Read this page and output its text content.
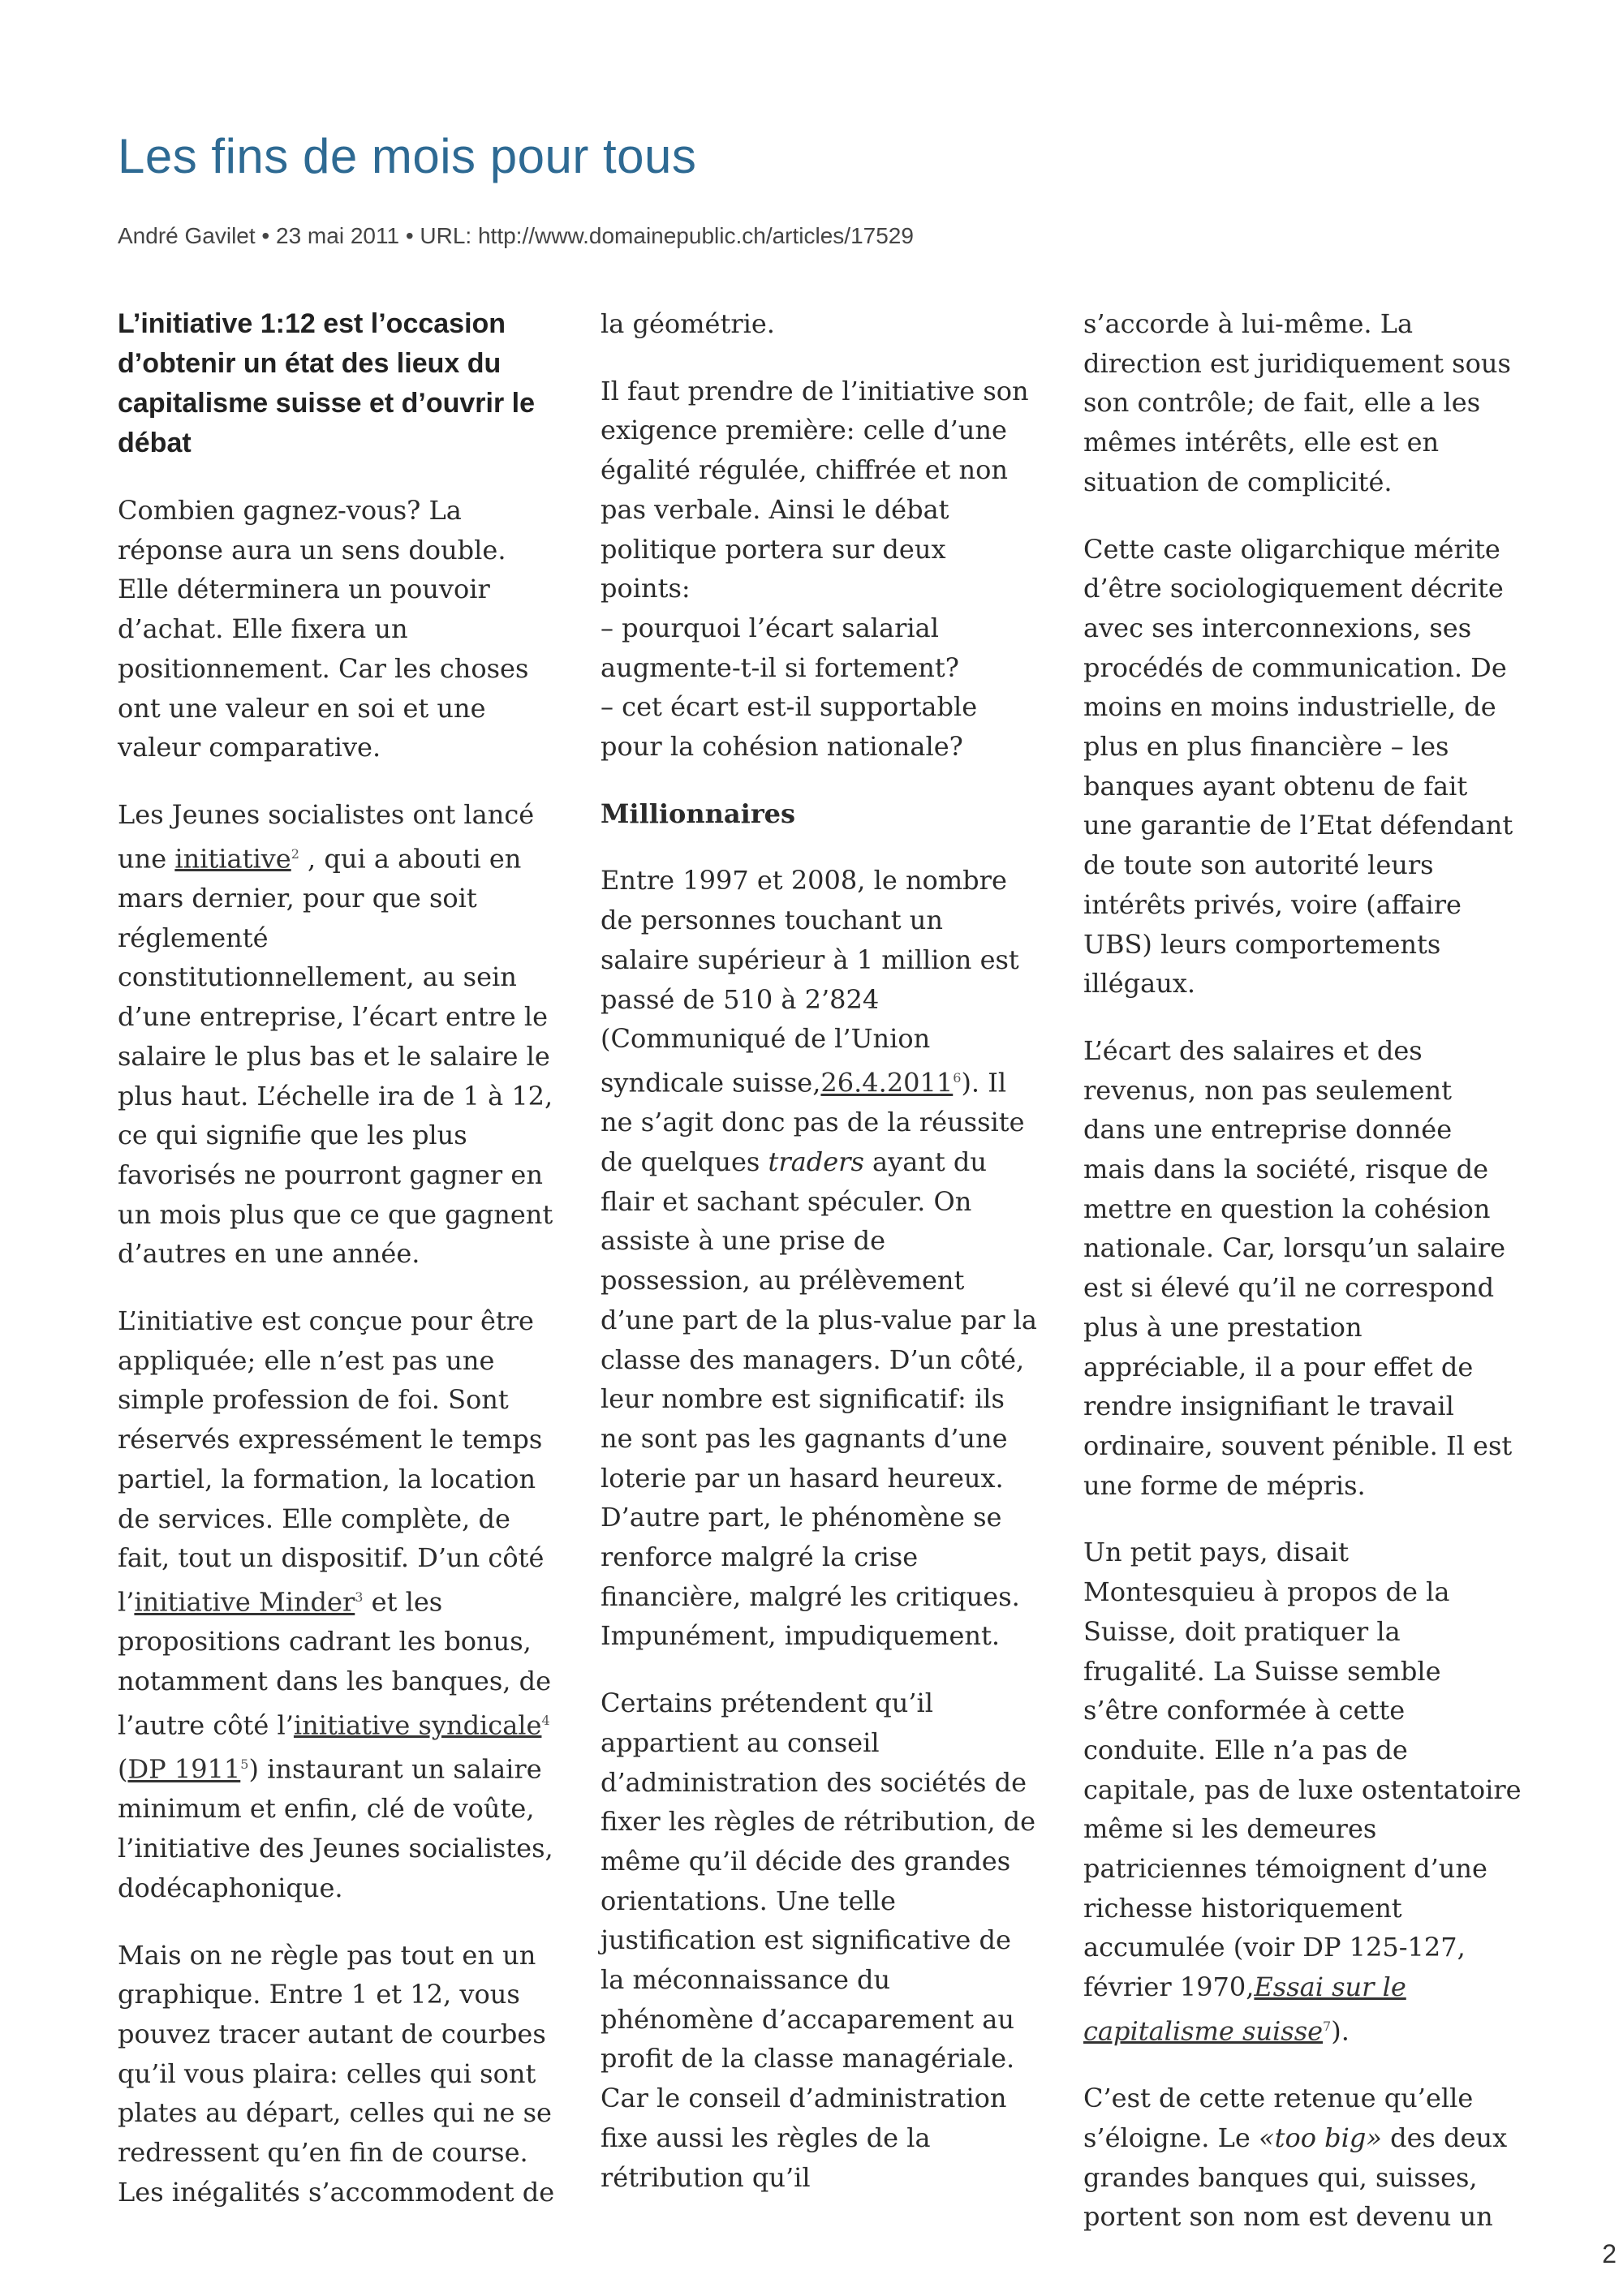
Les fins de mois pour tous
André Gavilet • 23 mai 2011 • URL: http://www.domainepublic.ch/articles/17529

L’initiative 1:12 est l’occasion d’obtenir un état des lieux du capitalisme suisse et d’ouvrir le débat

Combien gagnez-vous? La réponse aura un sens double. Elle déterminera un pouvoir d’achat. Elle fixera un positionnement. Car les choses ont une valeur en soi et une valeur comparative.

Les Jeunes socialistes ont lancé une initiative$^2$ , qui a abouti en mars dernier, pour que soit réglementé constitutionnellement, au sein d’une entreprise, l’écart entre le salaire le plus bas et le salaire le plus haut. L’échelle ira de 1 à 12, ce qui signifie que les plus favorisés ne pourront gagner en un mois plus que ce que gagnent d’autres en une année.

L’initiative est conçue pour être appliquée; elle n’est pas une simple profession de foi. Sont réservés expressément le temps partiel, la formation, la location de services. Elle complète, de fait, tout un dispositif. D’un côté l’initiative Minder$^3$ et les propositions cadrant les bonus, notamment dans les banques, de l’autre côté l’initiative syndicale$^4$ (DP 1911$^5$) instaurant un salaire minimum et enfin, clé de voûte, l’initiative des Jeunes socialistes, dodécaphonique.

Mais on ne règle pas tout en un graphique. Entre 1 et 12, vous pouvez tracer autant de courbes qu’il vous plaira: celles qui sont plates au départ, celles qui ne se redressent qu’en fin de course. Les inégalités s’accommodent de

la géométrie.

Il faut prendre de l’initiative son exigence première: celle d’une égalité régulée, chiffrée et non pas verbale. Ainsi le débat politique portera sur deux points:
– pourquoi l’écart salarial augmente-t-il si fortement?
– cet écart est-il supportable pour la cohésion nationale?

Millionnaires

Entre 1997 et 2008, le nombre de personnes touchant un salaire supérieur à 1 million est passé de 510 à 2’824 (Communiqué de l’Union syndicale suisse,26.4.2011$^6$). Il ne s’agit donc pas de la réussite de quelques traders ayant du flair et sachant spéculer. On assiste à une prise de possession, au prélèvement d’une part de la plus-value par la classe des managers. D’un côté, leur nombre est significatif: ils ne sont pas les gagnants d’une loterie par un hasard heureux. D’autre part, le phénomène se renforce malgré la crise financière, malgré les critiques. Impunément, impudiquement.

Certains prétendent qu’il appartient au conseil d’administration des sociétés de fixer les règles de rétribution, de même qu’il décide des grandes orientations. Une telle justification est significative de la méconnaissance du phénomène d’accaparement au profit de la classe managériale. Car le conseil d’administration fixe aussi les règles de la rétribution qu’il

s’accorde à lui-même. La direction est juridiquement sous son contrôle; de fait, elle a les mêmes intérêts, elle est en situation de complicité.

Cette caste oligarchique mérite d’être sociologiquement décrite avec ses interconnexions, ses procédés de communication. De moins en moins industrielle, de plus en plus financière – les banques ayant obtenu de fait une garantie de l’Etat défendant de toute son autorité leurs intérêts privés, voire (affaire UBS) leurs comportements illégaux.

L’écart des salaires et des revenus, non pas seulement dans une entreprise donnée mais dans la société, risque de mettre en question la cohésion nationale. Car, lorsqu’un salaire est si élevé qu’il ne correspond plus à une prestation appréciable, il a pour effet de rendre insignifiant le travail ordinaire, souvent pénible. Il est une forme de mépris.

Un petit pays, disait Montesquieu à propos de la Suisse, doit pratiquer la frugalité. La Suisse semble s’être conformée à cette conduite. Elle n’a pas de capitale, pas de luxe ostentatoire même si les demeures patriciennes témoignent d’une richesse historiquement accumulée (voir DP 125-127, février 1970,Essai sur le capitalisme suisse$^7$).

C’est de cette retenue qu’elle s’éloigne. Le «too big» des deux grandes banques qui, suisses, portent son nom est devenu un

2
